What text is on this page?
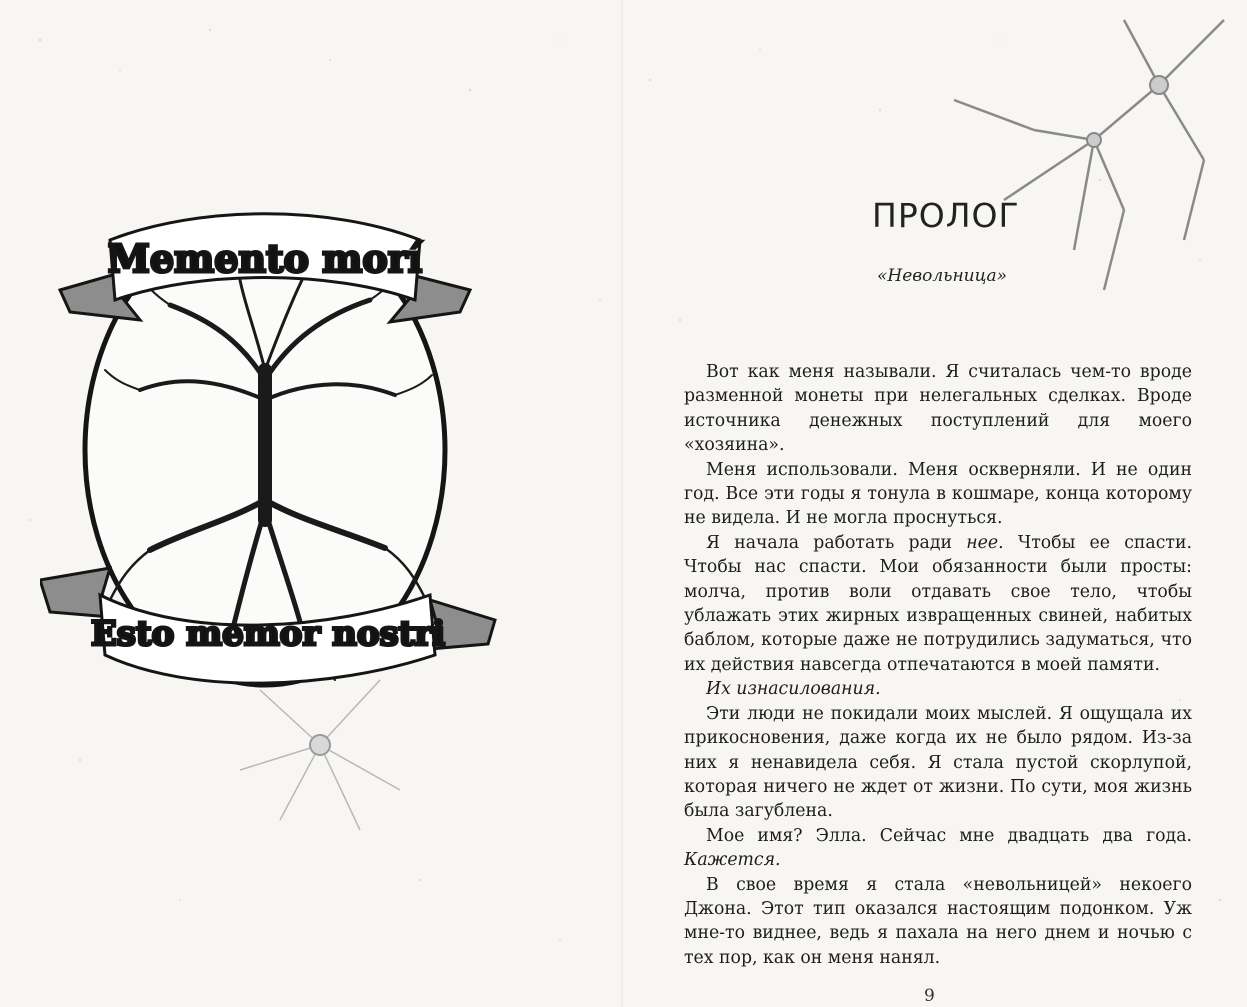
Memento morí
Esto memor nostri
ПРОЛОГ
«Невольница»

Вот как меня называли. Я считалась чем-то вроде разменной монеты при нелегальных сделках. Вроде источника денежных поступлений для моего «хозяина».

Меня использовали. Меня оскверняли. И не один год. Все эти годы я тонула в кошмаре, конца которому не видела. И не могла проснуться.

Я начала работать ради нее. Чтобы ее спасти. Чтобы нас спасти. Мои обязанности были просты: молча, против воли отдавать свое тело, чтобы ублажать этих жирных извращенных свиней, набитых баблом, которые даже не потрудились задуматься, что их действия навсегда отпечатаются в моей памяти.

Их изнасилования.

Эти люди не покидали моих мыслей. Я ощущала их прикосновения, даже когда их не было рядом. Из-за них я ненавидела себя. Я стала пустой скорлупой, которая ничего не ждет от жизни. По сути, моя жизнь была загублена.

Мое имя? Элла. Сейчас мне двадцать два года. Кажется.

В свое время я стала «невольницей» некоего Джона. Этот тип оказался настоящим подонком. Уж мне-то виднее, ведь я пахала на него днем и ночью с тех пор, как он меня нанял.

9
